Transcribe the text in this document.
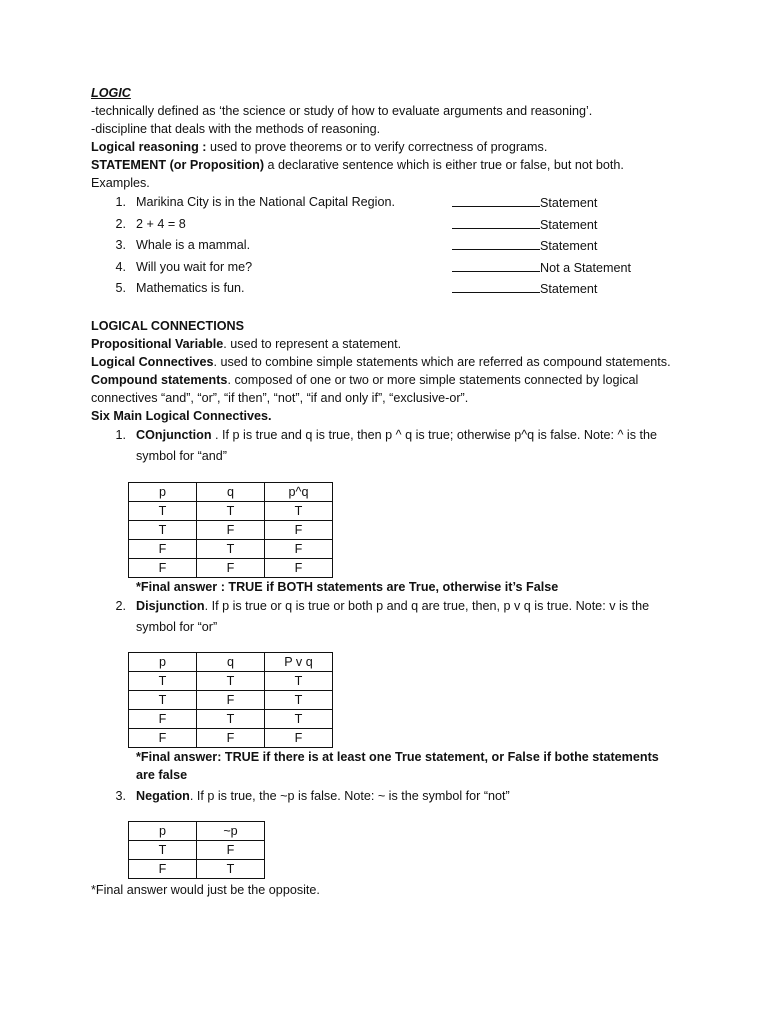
LOGIC
-technically defined as ‘the science or study of how to evaluate arguments and reasoning’.
-discipline that deals with the methods of reasoning.
Logical reasoning : used to prove theorems or to verify correctness of programs.
STATEMENT (or Proposition) a declarative sentence which is either true or false, but not both.
Examples.
1. Marikina City is in the National Capital Region.	Statement
2. 2 + 4 = 8	Statement
3. Whale is a mammal.	Statement
4. Will you wait for me?	Not a Statement
5. Mathematics is fun.	Statement
LOGICAL CONNECTIONS
Propositional Variable. used to represent a statement.
Logical Connectives. used to combine simple statements which are referred as compound statements.
Compound statements. composed of one or two or more simple statements connected by logical connectives “and”, “or”, “if then”, “not”, “if and only if”, “exclusive-or”.
Six Main Logical Connectives.
1. COnjunction . If p is true and q is true, then p ^ q is true; otherwise p^q is false. Note: ^ is the symbol for “and”
p	q	p^q
T	T	T
T	F	F
F	T	F
F	F	F
*Final answer : TRUE if BOTH statements are True, otherwise it’s False
2. Disjunction. If p is true or q is true or both p and q are true, then, p v q is true. Note: v is the symbol for “or”
p	q	P v q
T	T	T
T	F	T
F	T	T
F	F	F
*Final answer: TRUE if there is at least one True statement, or False if bothe statements are false
3. Negation. If p is true, the ~p is false. Note: ~ is the symbol for “not”
p	~p
T	F
F	T
*Final answer would just be the opposite.
